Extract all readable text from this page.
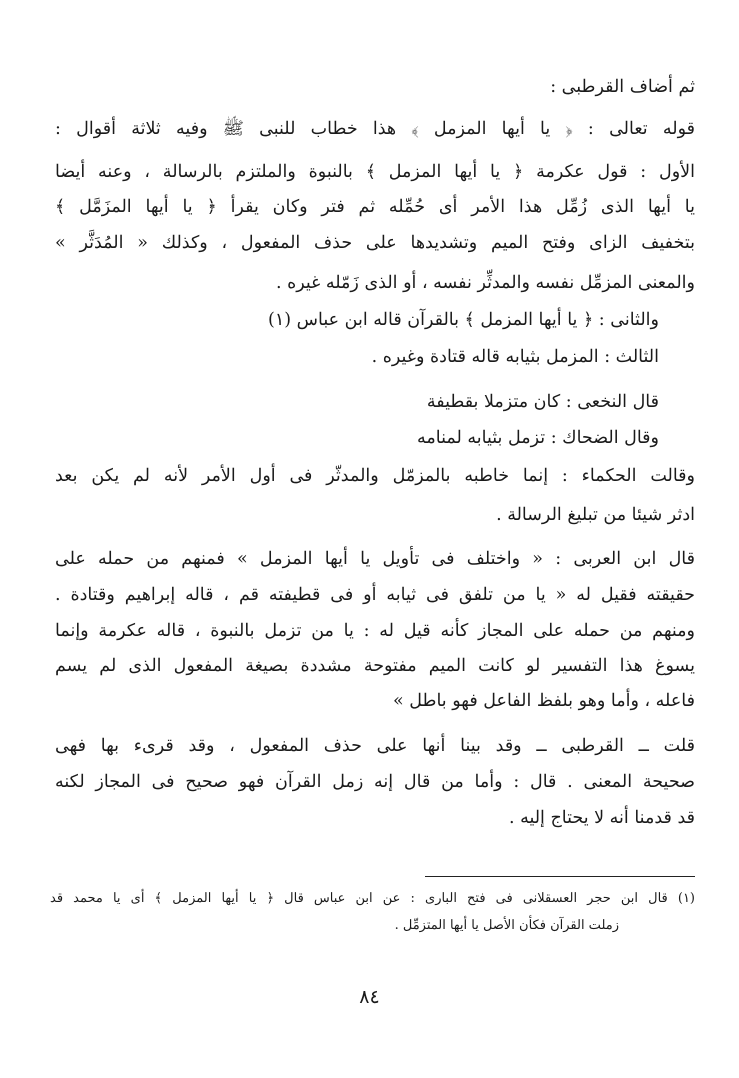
ثم أضاف القرطبى :
قوله تعالى : ﴿ يا أيها المزمل ﴾ هذا خطاب للنبى ﷺ وفيه ثلاثة أقوال :
الأول : قول عكرمة ﴿ يا أيها المزمل ﴾ بالنبوة والملتزم بالرسالة ، وعنه أيضا
يا أيها الذى زُمِّل هذا الأمر أى حُمِّله ثم فتر وكان يقرأ ﴿ يا أيها المزَمَّل ﴾
بتخفيف الزاى وفتح الميم وتشديدها على حذف المفعول ، وكذلك « المُدَثَّر »
والمعنى المزمِّل نفسه والمدثِّر نفسه ، أو الذى زَمّله غيره .
والثانى : ﴿ يا أيها المزمل ﴾ بالقرآن قاله ابن عباس (١)
الثالث : المزمل بثيابه قاله قتادة وغيره .
قال النخعى : كان متزملا بقطيفة
وقال الضحاك : تزمل بثيابه لمنامه
وقالت الحكماء : إنما خاطبه بالمزمّل والمدثّر فى أول الأمر لأنه لم يكن بعد
ادثر شيئا من تبليغ الرسالة .
قال ابن العربى : « واختلف فى تأويل يا أيها المزمل » فمنهم من حمله على
حقيقته فقيل له « يا من تلفق فى ثيابه أو فى قطيفته قم ، قاله إبراهيم وقتادة .
ومنهم من حمله على المجاز كأنه قيل له : يا من تزمل بالنبوة ، قاله عكرمة وإنما
يسوغ هذا التفسير لو كانت الميم مفتوحة مشددة بصيغة المفعول الذى لم يسم
فاعله ، وأما وهو بلفظ الفاعل فهو باطل »
قلت ــ القرطبى ــ وقد بينا أنها على حذف المفعول ، وقد قرىء بها فهى
صحيحة المعنى . قال : وأما من قال إنه زمل القرآن فهو صحيح فى المجاز لكنه
قد قدمنا أنه لا يحتاج إليه .
(١) قال ابن حجر العسقلانى فى فتح البارى : عن ابن عباس قال ﴿ يا أيها المزمل ﴾ أى يا محمد قد
زملت القرآن فكأن الأصل يا أيها المتزمِّل .
٨٤
